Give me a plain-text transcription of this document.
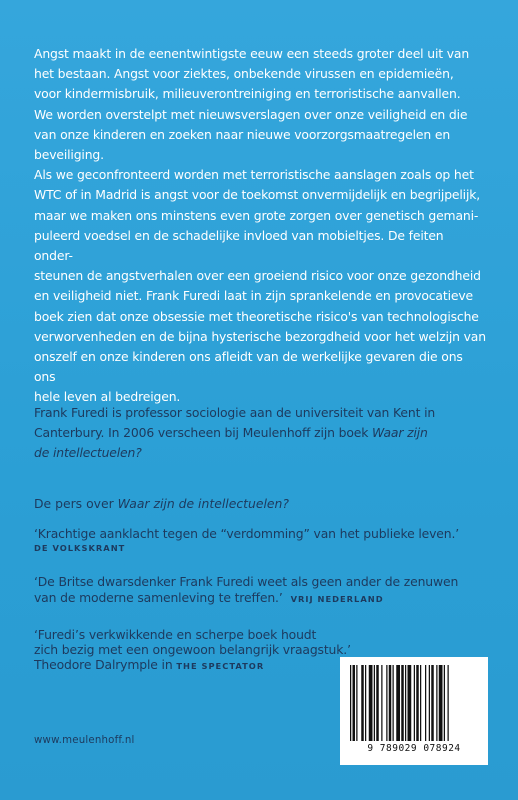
Angst maakt in de eenentwintigste eeuw een steeds groter deel uit van

het bestaan. Angst voor ziektes, onbekende virussen en epidemieën,

voor kindermisbruik, milieuverontreiniging en terroristische aanvallen.

We worden overstelpt met nieuwsverslagen over onze veiligheid en die

van onze kinderen en zoeken naar nieuwe voorzorgsmaatregelen en

beveiliging.

Als we geconfronteerd worden met terroristische aanslagen zoals op het

WTC of in Madrid is angst voor de toekomst onvermijdelijk en begrijpelijk,

maar we maken ons minstens even grote zorgen over genetisch gemani-

puleerd voedsel en de schadelijke invloed van mobieltjes. De feiten onder-

steunen de angstverhalen over een groeiend risico voor onze gezondheid

en veiligheid niet. Frank Furedi laat in zijn sprankelende en provocatieve

boek zien dat onze obsessie met theoretische risico's van technologische

verworvenheden en de bijna hysterische bezorgdheid voor het welzijn van

onszelf en onze kinderen ons afleidt van de werkelijke gevaren die ons ons

hele leven al bedreigen.

Frank Furedi is professor sociologie aan de universiteit van Kent in

Canterbury. In 2006 verscheen bij Meulenhoff zijn boek Waar zijn

de intellectuelen?

De pers over Waar zijn de intellectuelen?
‘Krachtige aanklacht tegen de “verdomming” van het publieke leven.’
DE VOLKSKRANT
‘De Britse dwarsdenker Frank Furedi weet als geen ander de zenuwen
van de moderne samenleving te treffen.’ VRIJ NEDERLAND
‘Furedi’s verkwikkende en scherpe boek houdt
zich bezig met een ongewoon belangrijk vraagstuk.’
Theodore Dalrymple in THE SPECTATOR
www.meulenhoff.nl
9 789029 078924
